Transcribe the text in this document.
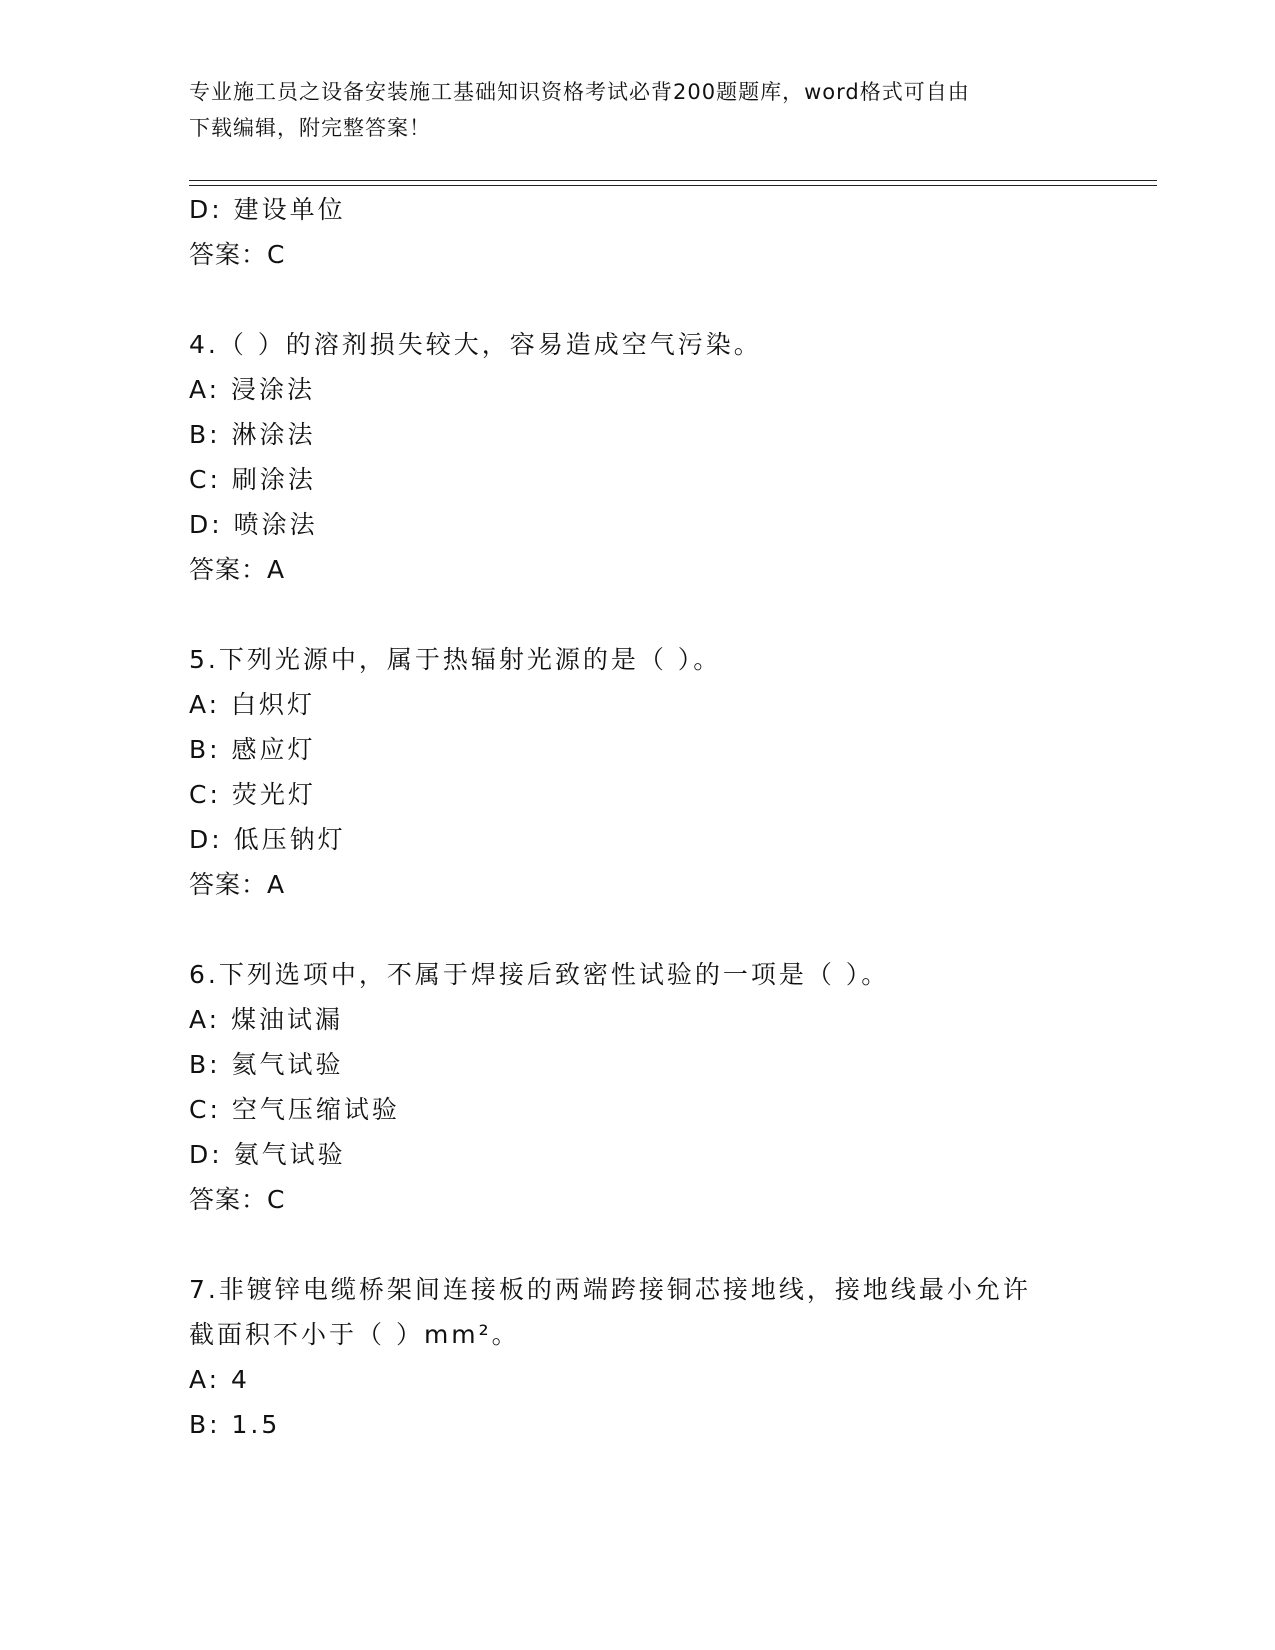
专业施工员之设备安装施工基础知识资格考试必背200题题库，word格式可自由
下载编辑，附完整答案！
D: 建设单位
答案：C
4.（ ）的溶剂损失较大，容易造成空气污染。
A: 浸涂法
B: 淋涂法
C: 刷涂法
D: 喷涂法
答案：A
5.下列光源中，属于热辐射光源的是（ ）。
A: 白炽灯
B: 感应灯
C: 荧光灯
D: 低压钠灯
答案：A
6.下列选项中，不属于焊接后致密性试验的一项是（ ）。
A: 煤油试漏
B: 氦气试验
C: 空气压缩试验
D: 氨气试验
答案：C
7.非镀锌电缆桥架间连接板的两端跨接铜芯接地线，接地线最小允许
截面积不小于（ ）mm²。
A: 4
B: 1.5
